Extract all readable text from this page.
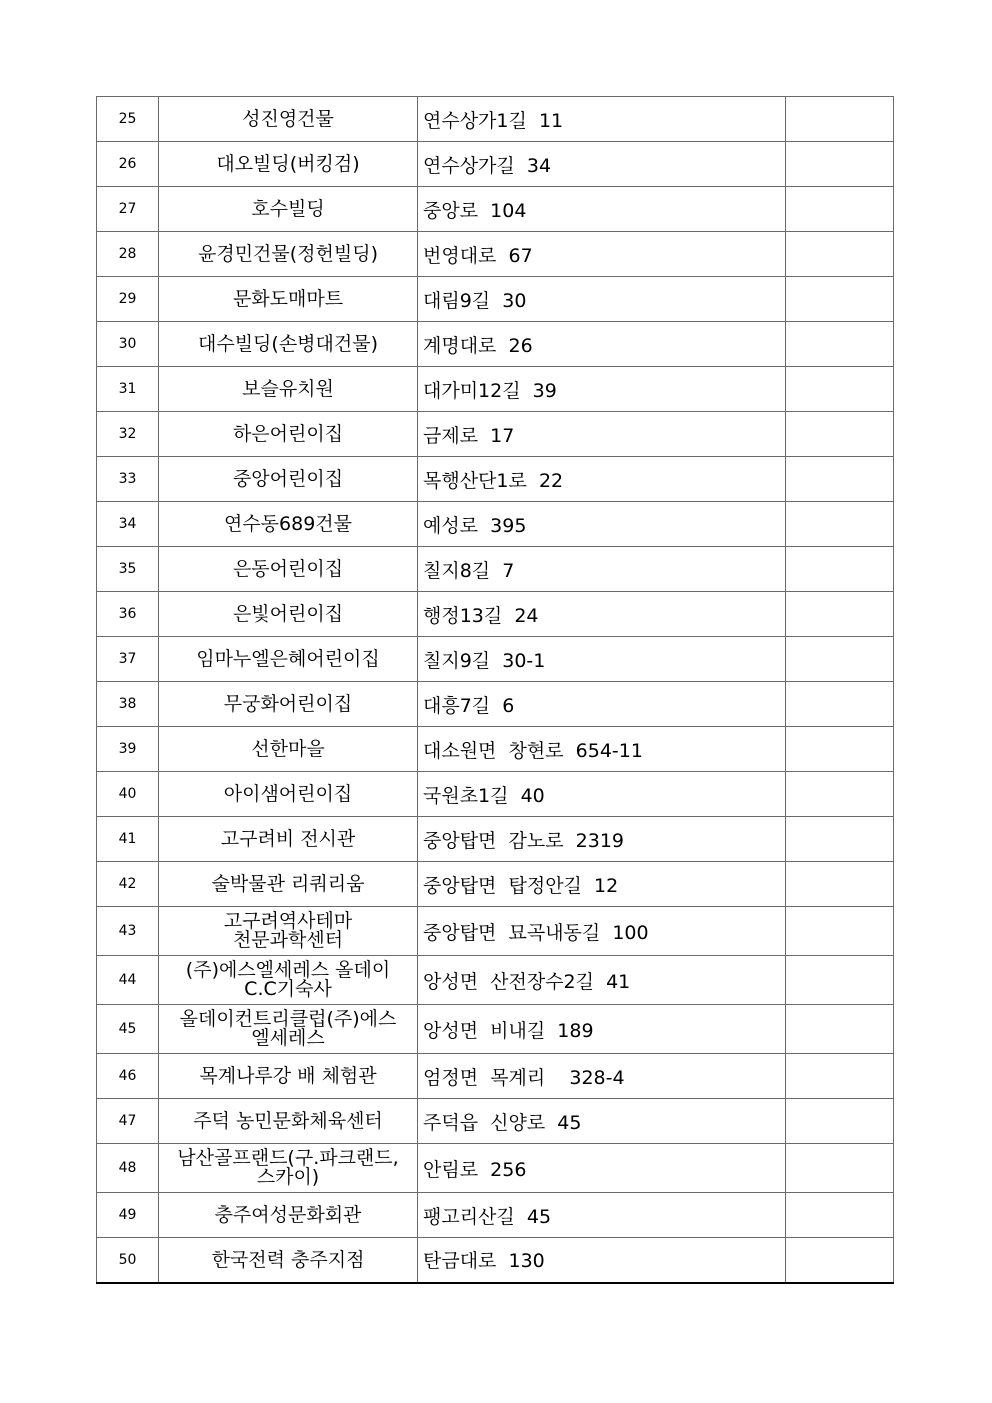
25	성진영건물	연수상가1길  11	
26	대오빌딩(버킹검)	연수상가길  34	
27	호수빌딩	중앙로  104	
28	윤경민건물(정헌빌딩)	번영대로  67	
29	문화도매마트	대림9길  30	
30	대수빌딩(손병대건물)	계명대로  26	
31	보슬유치원	대가미12길  39	
32	하은어린이집	금제로  17	
33	중앙어린이집	목행산단1로  22	
34	연수동689건물	예성로  395	
35	은동어린이집	칠지8길  7	
36	은빛어린이집	행정13길  24	
37	임마누엘은혜어린이집	칠지9길  30-1	
38	무궁화어린이집	대흥7길  6	
39	선한마을	대소원면  창현로  654-11	
40	아이샘어린이집	국원초1길  40	
41	고구려비 전시관	중앙탑면  감노로  2319	
42	술박물관 리쿼리움	중앙탑면  탑정안길  12	
43	고구려역사테마
천문과학센터	중앙탑면  묘곡내동길  100	
44	(주)에스엘세레스 올데이
C.C기숙사	앙성면  산전장수2길  41	
45	올데이컨트리클럽(주)에스
엘세레스	앙성면  비내길  189	
46	목계나루강 배 체험관	엄정면  목계리    328-4	
47	주덕 농민문화체육센터	주덕읍  신양로  45	
48	남산골프랜드(구.파크랜드,
스카이)	안림로  256	
49	충주여성문화회관	팽고리산길  45	
50	한국전력 충주지점	탄금대로  130	
